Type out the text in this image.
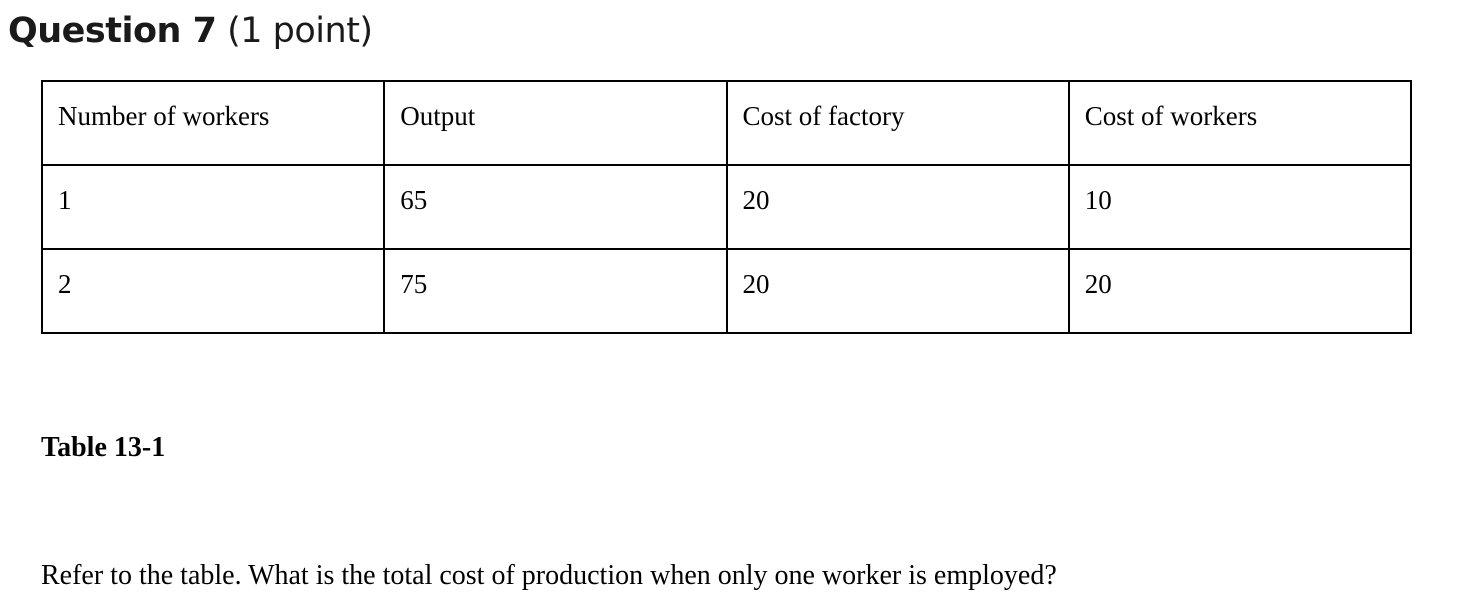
Question 7 (1 point)
Number of workers	Output	Cost of factory	Cost of workers
1	65	20	10
2	75	20	20
Table 13-1
Refer to the table. What is the total cost of production when only one worker is employed?
